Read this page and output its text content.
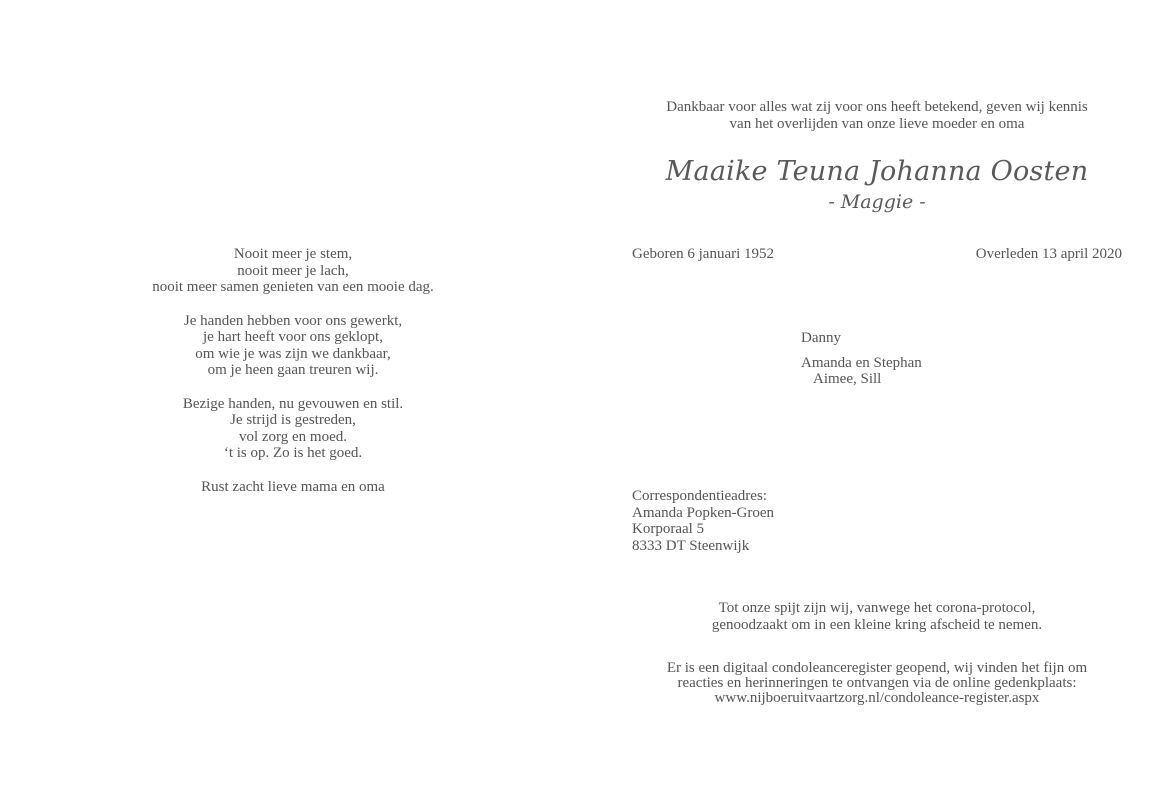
Nooit meer je stem,
nooit meer je lach,
nooit meer samen genieten van een mooie dag.
Je handen hebben voor ons gewerkt,
je hart heeft voor ons geklopt,
om wie je was zijn we dankbaar,
om je heen gaan treuren wij.
Bezige handen, nu gevouwen en stil.
Je strijd is gestreden,
vol zorg en moed.
‘t is op. Zo is het goed.
Rust zacht lieve mama en oma
Dankbaar voor alles wat zij voor ons heeft betekend, geven wij kennis
van het overlijden van onze lieve moeder en oma
Maaike Teuna Johanna Oosten
- Maggie -
Geboren 6 januari 1952	Overleden 13 april 2020
Danny
Amanda en Stephan
Aimee, Sill
Correspondentieadres:
Amanda Popken-Groen
Korporaal 5
8333 DT Steenwijk
Tot onze spijt zijn wij, vanwege het corona-protocol,
genoodzaakt om in een kleine kring afscheid te nemen.
Er is een digitaal condoleanceregister geopend, wij vinden het fijn om
reacties en herinneringen te ontvangen via de online gedenkplaats:
www.nijboeruitvaartzorg.nl/condoleance-register.aspx
